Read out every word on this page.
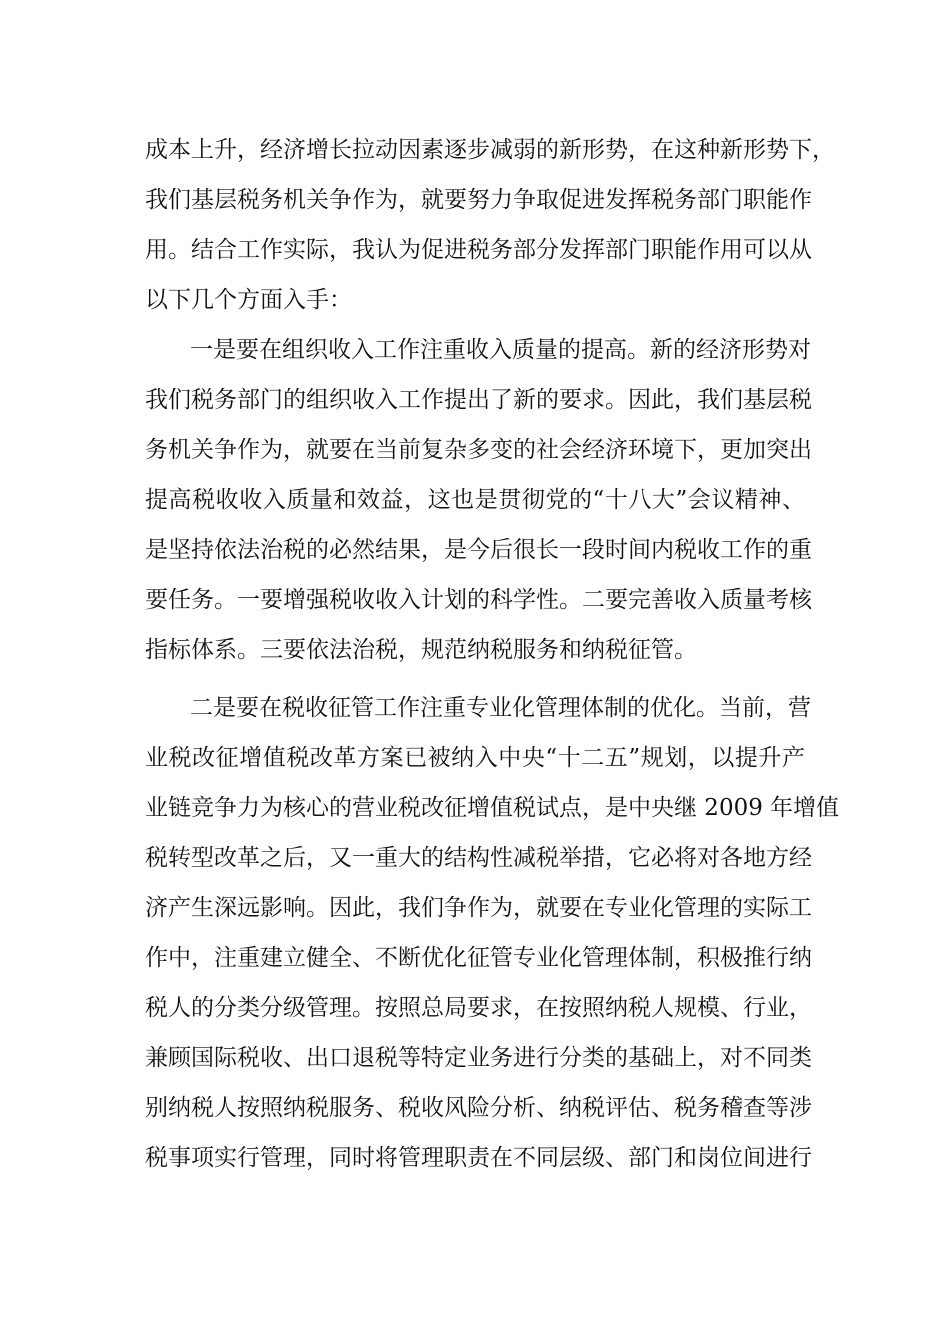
成本上升，经济增长拉动因素逐步减弱的新形势，在这种新形势下，
我们基层税务机关争作为，就要努力争取促进发挥税务部门职能作
用。结合工作实际，我认为促进税务部分发挥部门职能作用可以从
以下几个方面入手：
一是要在组织收入工作注重收入质量的提高。新的经济形势对
我们税务部门的组织收入工作提出了新的要求。因此，我们基层税
务机关争作为，就要在当前复杂多变的社会经济环境下，更加突出
提高税收收入质量和效益，这也是贯彻党的“十八大”会议精神、
是坚持依法治税的必然结果，是今后很长一段时间内税收工作的重
要任务。一要增强税收收入计划的科学性。二要完善收入质量考核
指标体系。三要依法治税，规范纳税服务和纳税征管。
二是要在税收征管工作注重专业化管理体制的优化。当前，营
业税改征增值税改革方案已被纳入中央“十二五”规划，以提升产
业链竞争力为核心的营业税改征增值税试点，是中央继 2009 年增值
税转型改革之后，又一重大的结构性减税举措，它必将对各地方经
济产生深远影响。因此，我们争作为，就要在专业化管理的实际工
作中，注重建立健全、不断优化征管专业化管理体制，积极推行纳
税人的分类分级管理。按照总局要求，在按照纳税人规模、行业，
兼顾国际税收、出口退税等特定业务进行分类的基础上，对不同类
别纳税人按照纳税服务、税收风险分析、纳税评估、税务稽查等涉
税事项实行管理，同时将管理职责在不同层级、部门和岗位间进行
